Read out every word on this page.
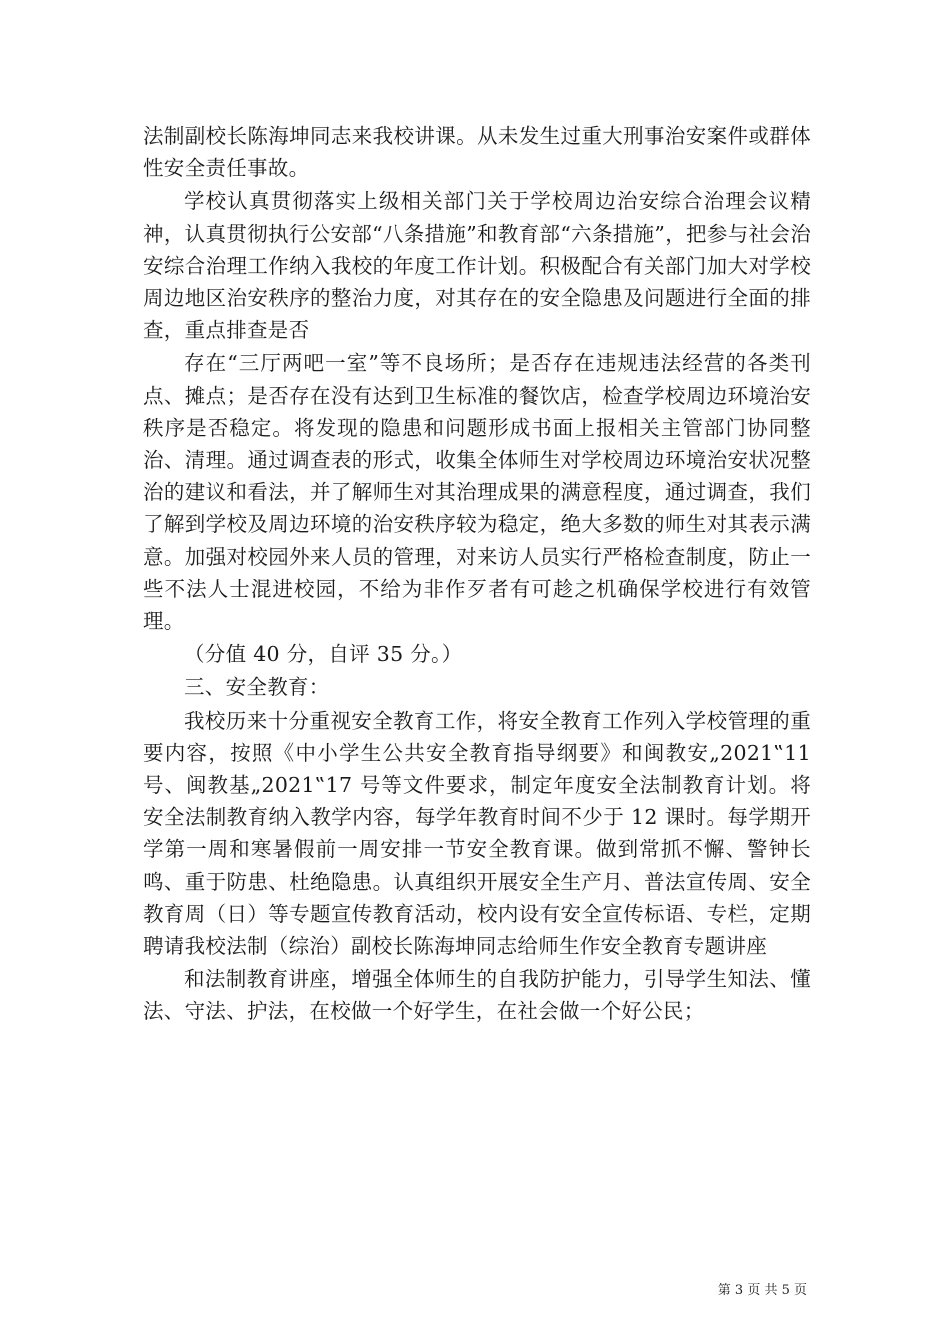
法制副校长陈海坤同志来我校讲课。从未发生过重大刑事治安案件或群体性安全责任事故。

学校认真贯彻落实上级相关部门关于学校周边治安综合治理会议精神，认真贯彻执行公安部“八条措施”和教育部“六条措施”，把参与社会治安综合治理工作纳入我校的年度工作计划。积极配合有关部门加大对学校周边地区治安秩序的整治力度，对其存在的安全隐患及问题进行全面的排查，重点排查是否

存在“三厅两吧一室”等不良场所；是否存在违规违法经营的各类刊点、摊点；是否存在没有达到卫生标准的餐饮店，检查学校周边环境治安秩序是否稳定。将发现的隐患和问题形成书面上报相关主管部门协同整治、清理。通过调查表的形式，收集全体师生对学校周边环境治安状况整治的建议和看法，并了解师生对其治理成果的满意程度，通过调查，我们了解到学校及周边环境的治安秩序较为稳定，绝大多数的师生对其表示满意。加强对校园外来人员的管理，对来访人员实行严格检查制度，防止一些不法人士混进校园，不给为非作歹者有可趁之机确保学校进行有效管理。

（分值 40 分，自评 35 分。）

三、安全教育：

我校历来十分重视安全教育工作，将安全教育工作列入学校管理的重要内容，按照《中小学生公共安全教育指导纲要》和闽教安„2021‟11 号、闽教基„2021‟17 号等文件要求，制定年度安全法制教育计划。将安全法制教育纳入教学内容，每学年教育时间不少于 12 课时。每学期开学第一周和寒暑假前一周安排一节安全教育课。做到常抓不懈、警钟长鸣、重于防患、杜绝隐患。认真组织开展安全生产月、普法宣传周、安全教育周（日）等专题宣传教育活动，校内设有安全宣传标语、专栏，定期聘请我校法制（综治）副校长陈海坤同志给师生作安全教育专题讲座

和法制教育讲座，增强全体师生的自我防护能力，引导学生知法、懂法、守法、护法，在校做一个好学生，在社会做一个好公民；

第 3 页 共 5 页
